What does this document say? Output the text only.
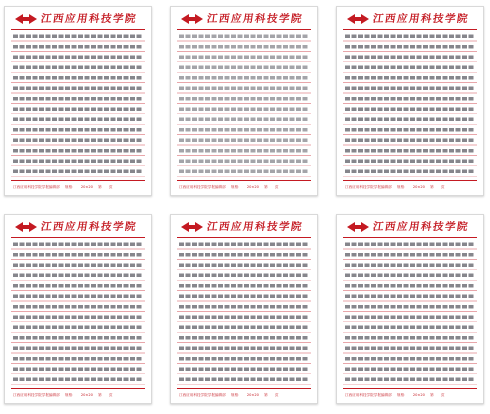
江西应用科技学院
江西应用科技学院学报编辑部 规格： 20×20 第　　页
江西应用科技学院
江西应用科技学院学报编辑部 规格： 20×20 第　　页
江西应用科技学院
江西应用科技学院学报编辑部 规格： 20×20 第　　页
江西应用科技学院
江西应用科技学院学报编辑部 规格： 20×20 第　　页
江西应用科技学院
江西应用科技学院学报编辑部 规格： 20×20 第　　页
江西应用科技学院
江西应用科技学院学报编辑部 规格： 20×20 第　　页
